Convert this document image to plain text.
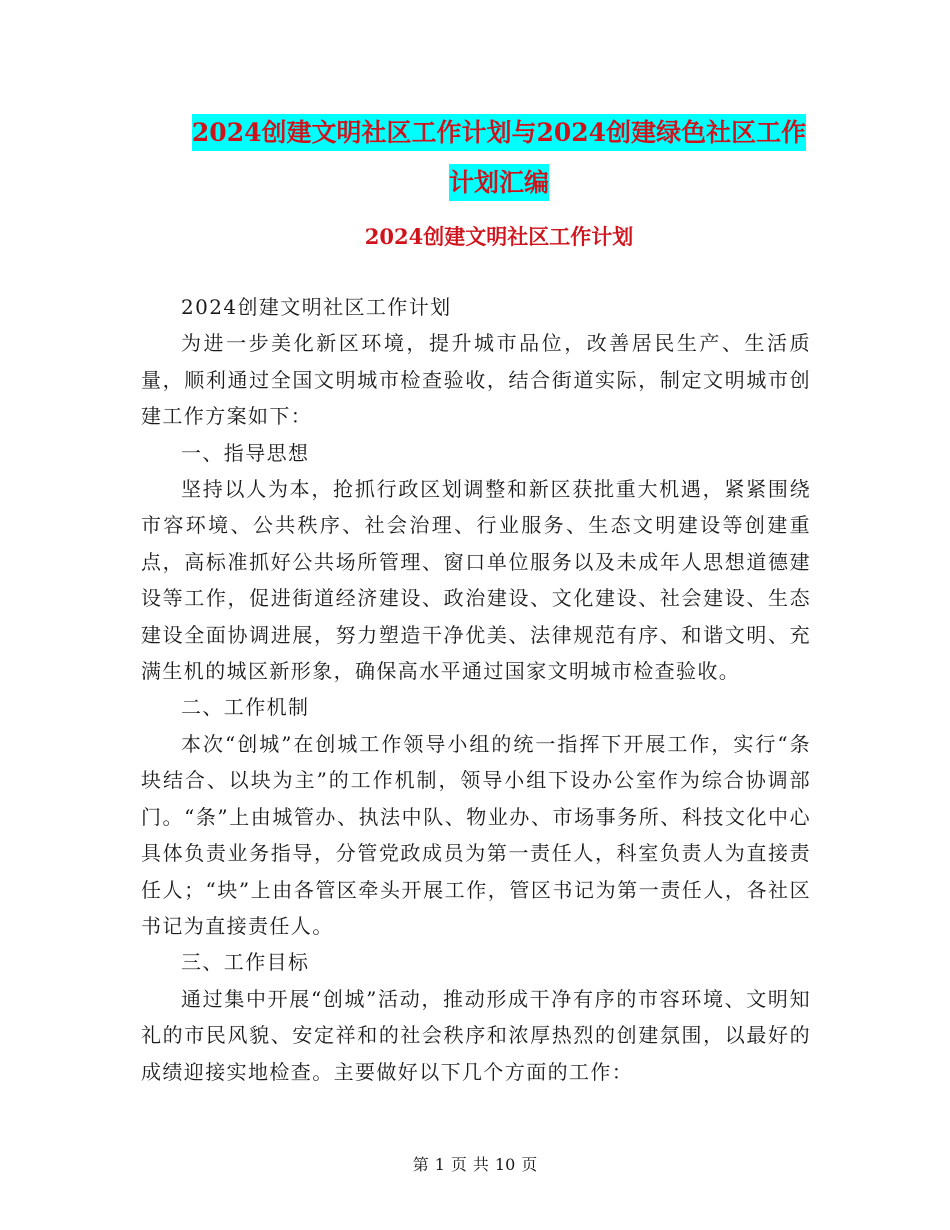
2024创建文明社区工作计划与2024创建绿色社区工作
计划汇编
2024创建文明社区工作计划

2024创建文明社区工作计划

为进一步美化新区环境，提升城市品位，改善居民生产、生活质量，顺利通过全国文明城市检查验收，结合街道实际，制定文明城市创建工作方案如下：

一、指导思想

坚持以人为本，抢抓行政区划调整和新区获批重大机遇，紧紧围绕市容环境、公共秩序、社会治理、行业服务、生态文明建设等创建重点，高标准抓好公共场所管理、窗口单位服务以及未成年人思想道德建设等工作，促进街道经济建设、政治建设、文化建设、社会建设、生态建设全面协调进展，努力塑造干净优美、法律规范有序、和谐文明、充满生机的城区新形象，确保高水平通过国家文明城市检查验收。

二、工作机制

本次“创城”在创城工作领导小组的统一指挥下开展工作，实行“条块结合、以块为主”的工作机制，领导小组下设办公室作为综合协调部门。“条”上由城管办、执法中队、物业办、市场事务所、科技文化中心具体负责业务指导，分管党政成员为第一责任人，科室负责人为直接责任人；“块”上由各管区牵头开展工作，管区书记为第一责任人，各社区书记为直接责任人。

三、工作目标

通过集中开展“创城”活动，推动形成干净有序的市容环境、文明知礼的市民风貌、安定祥和的社会秩序和浓厚热烈的创建氛围，以最好的成绩迎接实地检查。主要做好以下几个方面的工作：

第 1 页 共 10 页
